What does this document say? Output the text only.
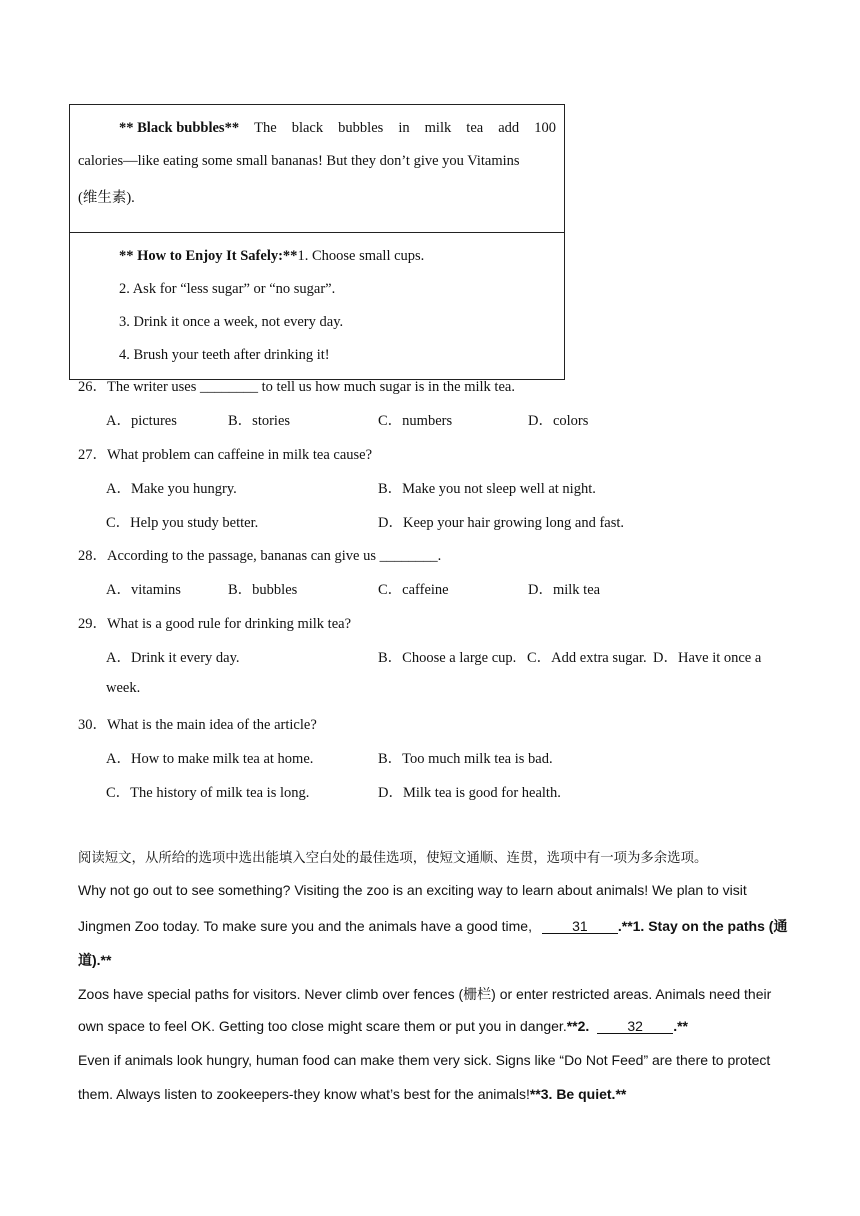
** Black bubbles** The black bubbles in milk tea add 100
calories—like eating some small bananas! But they don’t give you Vitamins
(维生素).
** How to Enjoy It Safely:**1. Choose small cups.
2. Ask for “less sugar” or “no sugar”.
3. Drink it once a week, not every day.
4. Brush your teeth after drinking it!
26．The writer uses ________ to tell us how much sugar is in the milk tea.
A．pictures	B．stories	C．numbers	D．colors
27．What problem can caffeine in milk tea cause?
A．Make you hungry.	B．Make you not sleep well at night.
C．Help you study better.	D．Keep your hair growing long and fast.
28．According to the passage, bananas can give us ________.
A．vitamins	B．bubbles	C．caffeine	D．milk tea
29．What is a good rule for drinking milk tea?
A．Drink it every day.	B．Choose a large cup. C．Add extra sugar. D．Have it once a
week.
30．What is the main idea of the article?
A．How to make milk tea at home.	B．Too much milk tea is bad.
C．The history of milk tea is long.	D．Milk tea is good for health.
阅读短文，从所给的选项中选出能填入空白处的最佳选项，使短文通顺、连贯，选项中有一项为多余选项。
Why not go out to see something? Visiting the zoo is an exciting way to learn about animals! We plan to visit
Jingmen Zoo today. To make sure you and the animals have a good time,	31 .**1. Stay on the paths (通
道).**
Zoos have special paths for visitors. Never climb over fences (栅栏) or enter restricted areas. Animals need their
own space to feel OK. Getting too close might scare them or put you in danger.**2.	32 .**
Even if animals look hungry, human food can make them very sick. Signs like “Do Not Feed” are there to protect
them. Always listen to zookeepers-they know what’s best for the animals!**3. Be quiet.**
